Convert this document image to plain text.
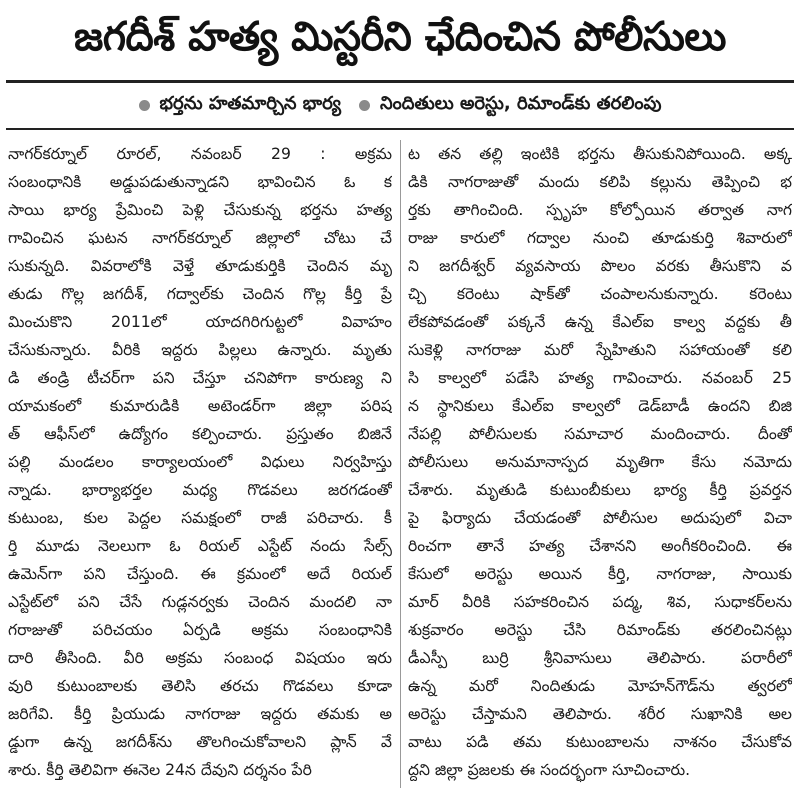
జగదీశ్ హత్య మిస్టరీని ఛేదించిన పోలీసులు
భర్తను హతమార్చిన భార్య నిందితులు అరెస్టు, రిమాండ్‌కు తరలింపు
నాగర్‌కర్నూల్ రూరల్, నవంబర్ 29 : అక్రమ
సంబంధానికి అడ్డుపడుతున్నాడని భావించిన ఓ క
సాయి భార్య ప్రేమించి పెళ్లి చేసుకున్న భర్తను హత్య
గావించిన ఘటన నాగర్‌కర్నూల్ జిల్లాలో చోటు చే
సుకున్నది. వివరాలోకి వెళ్తే తూడుకుర్తికి చెందిన మృ
తుడు గొల్ల జగదీశ్, గద్వాల్‌కు చెందిన గొల్ల కీర్తి ప్రే
మించుకొని 2011లో యాదగిరిగుట్టలో వివాహం
చేసుకున్నారు. వీరికి ఇద్దరు పిల్లలు ఉన్నారు. మృతు
డి తండ్రి టీచర్‌గా పని చేస్తూ చనిపోగా కారుణ్య ని
యామకంలో కుమారుడికి అటెండర్‌గా జిల్లా పరిష
త్ ఆఫీస్‌లో ఉద్యోగం కల్పించారు. ప్రస్తుతం బిజినే
పల్లి మండలం కార్యాలయంలో విధులు నిర్వహిస్తు
న్నాడు. భార్యాభర్తల మధ్య గొడవలు జరగడంతో
కుటుంబ, కుల పెద్దల సమక్షంలో రాజీ పరిచారు. కీ
ర్తి మూడు నెలలుగా ఓ రియల్ ఎస్టేట్ నందు సేల్స్
ఉమెన్‌గా పని చేస్తుంది. ఈ క్రమంలో అదే రియల్
ఎస్టేట్‌లో పని చేసే గుడ్లనర్వకు చెందిన మందలి నా
గరాజుతో పరిచయం ఏర్పడి అక్రమ సంబంధానికి
దారి తీసింది. వీరి అక్రమ సంబంధ విషయం ఇరు
వురి కుటుంబాలకు తెలిసి తరచు గొడవలు కూడా
జరిగేవి. కీర్తి ప్రియుడు నాగరాజు ఇద్దరు తమకు అ
డ్డుగా ఉన్న జగదీశ్‌ను తొలగించుకోవాలని ప్లాన్ వే
శారు. కీర్తి తెలివిగా ఈనెల 24న దేవుని దర్శనం పేరి
ట తన తల్లి ఇంటికి భర్తను తీసుకునిపోయింది. అక్క
డికి నాగరాజుతో మందు కలిపి కల్లును తెప్పించి భ
ర్తకు తాగించింది. స్పృహ కోల్పోయిన తర్వాత నాగ
రాజు కారులో గద్వాల నుంచి తూడుకుర్తి శివారులో
ని జగదీశ్వర్ వ్యవసాయ పొలం వరకు తీసుకొని వ
చ్చి కరెంటు షాక్‌తో చంపాలనుకున్నారు. కరెంటు
లేకపోవడంతో పక్కనే ఉన్న కేఎల్ఐ కాల్వ వద్దకు తీ
సుకెళ్లి నాగరాజు మరో స్నేహితుని సహాయంతో కలి
సి కాల్వలో పడేసి హత్య గావించారు. నవంబర్ 25
న స్థానికులు కేఎల్ఐ కాల్వలో డెడ్‌బాడీ ఉందని బిజి
నేపల్లి పోలీసులకు సమాచార మందించారు. దీంతో
పోలీసులు అనుమానాస్పద మృతిగా కేసు నమోదు
చేశారు. మృతుడి కుటుంబీకులు భార్య కీర్తి ప్రవర్తన
పై ఫిర్యాదు చేయడంతో పోలీసుల అదుపులో విచా
రించగా తానే హత్య చేశానని అంగీకరించింది. ఈ
కేసులో అరెస్టు అయిన కీర్తి, నాగరాజు, సాయికు
మార్ వీరికి సహకరించిన పద్మ, శివ, సుధాకర్‌లను
శుక్రవారం అరెస్టు చేసి రిమాండ్‌కు తరలించినట్లు
డీఎస్పీ బుర్రి శ్రీనివాసులు తెలిపారు. పరారీలో
ఉన్న మరో నిందితుడు మోహన్‌గౌడ్‌ను త్వరలో
అరెస్టు చేస్తామని తెలిపారు. శరీర సుఖానికి అల
వాటు పడి తమ కుటుంబాలను నాశనం చేసుకోవ
ద్దని జిల్లా ప్రజలకు ఈ సందర్భంగా సూచించారు.
